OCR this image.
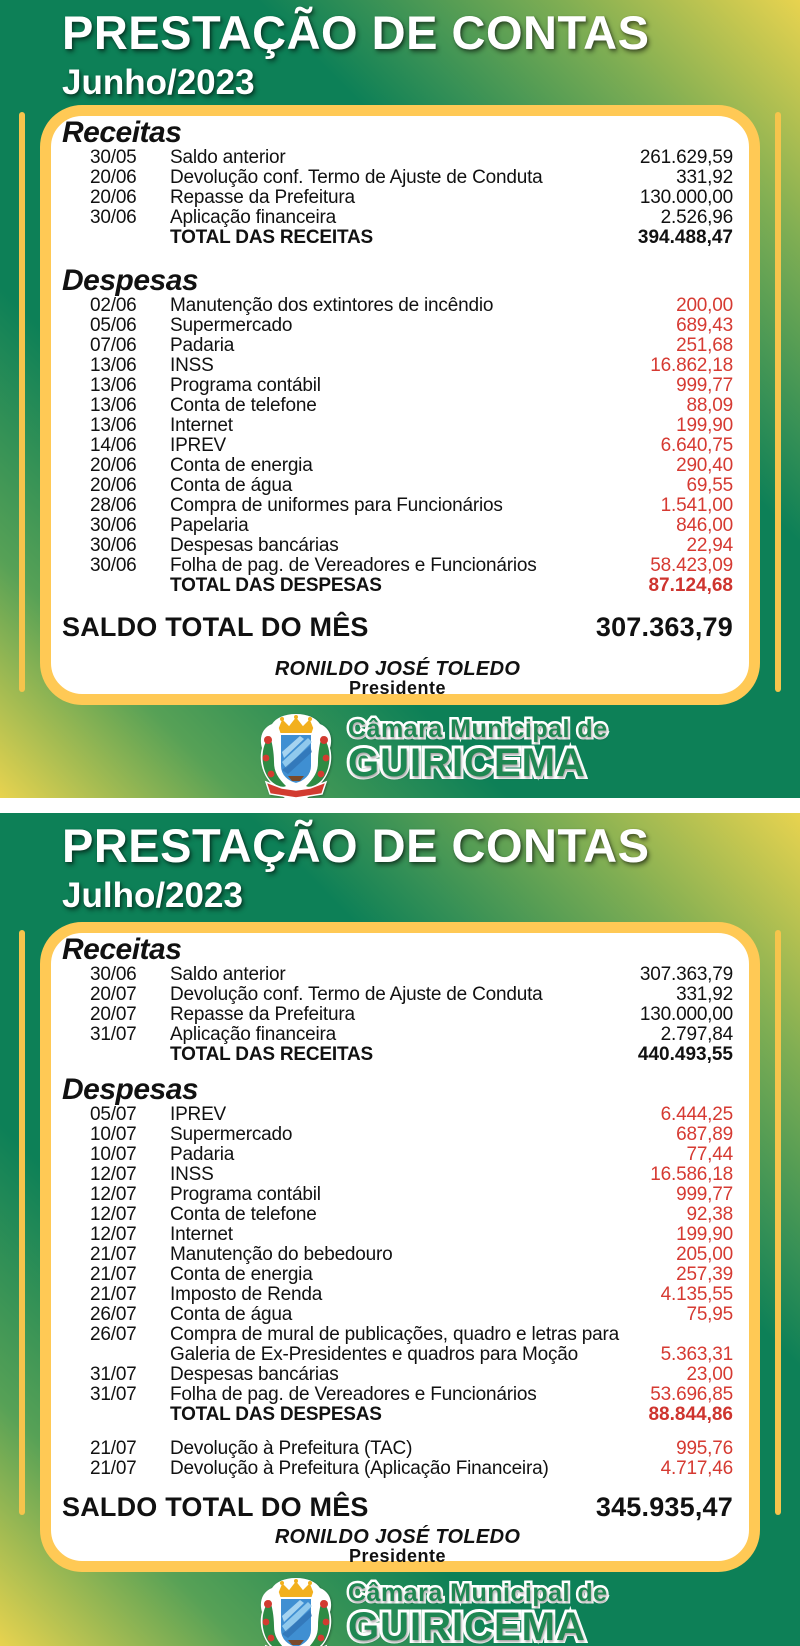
PRESTAÇÃO DE CONTAS
Junho/2023
Receitas
30/05	Saldo anterior	261.629,59
20/06	Devolução conf. Termo de Ajuste de Conduta	331,92
20/06	Repasse da Prefeitura	130.000,00
30/06	Aplicação financeira	2.526,96
TOTAL DAS RECEITAS	394.488,47
Despesas
02/06	Manutenção dos extintores de incêndio	200,00
05/06	Supermercado	689,43
07/06	Padaria	251,68
13/06	INSS	16.862,18
13/06	Programa contábil	999,77
13/06	Conta de telefone	88,09
13/06	Internet	199,90
14/06	IPREV	6.640,75
20/06	Conta de energia	290,40
20/06	Conta de água	69,55
28/06	Compra de uniformes para Funcionários	1.541,00
30/06	Papelaria	846,00
30/06	Despesas bancárias	22,94
30/06	Folha de pag. de Vereadores e Funcionários	58.423,09
TOTAL DAS DESPESAS	87.124,68
SALDO TOTAL DO MÊS	307.363,79
RONILDO JOSÉ TOLEDO
Presidente
Câmara Municipal de
GUIRICEMA
PRESTAÇÃO DE CONTAS
Julho/2023
Receitas
30/06	Saldo anterior	307.363,79
20/07	Devolução conf. Termo de Ajuste de Conduta	331,92
20/07	Repasse da Prefeitura	130.000,00
31/07	Aplicação financeira	2.797,84
TOTAL DAS RECEITAS	440.493,55
Despesas
05/07	IPREV	6.444,25
10/07	Supermercado	687,89
10/07	Padaria	77,44
12/07	INSS	16.586,18
12/07	Programa contábil	999,77
12/07	Conta de telefone	92,38
12/07	Internet	199,90
21/07	Manutenção do bebedouro	205,00
21/07	Conta de energia	257,39
21/07	Imposto de Renda	4.135,55
26/07	Conta de água	75,95
26/07	Compra de mural de publicações, quadro e letras para
Galeria de Ex-Presidentes e quadros para Moção	5.363,31
31/07	Despesas bancárias	23,00
31/07	Folha de pag. de Vereadores e Funcionários	53.696,85
TOTAL DAS DESPESAS	88.844,86
21/07	Devolução à Prefeitura (TAC)	995,76
21/07	Devolução à Prefeitura (Aplicação Financeira)	4.717,46
SALDO TOTAL DO MÊS	345.935,47
RONILDO JOSÉ TOLEDO
Presidente
Câmara Municipal de
GUIRICEMA
